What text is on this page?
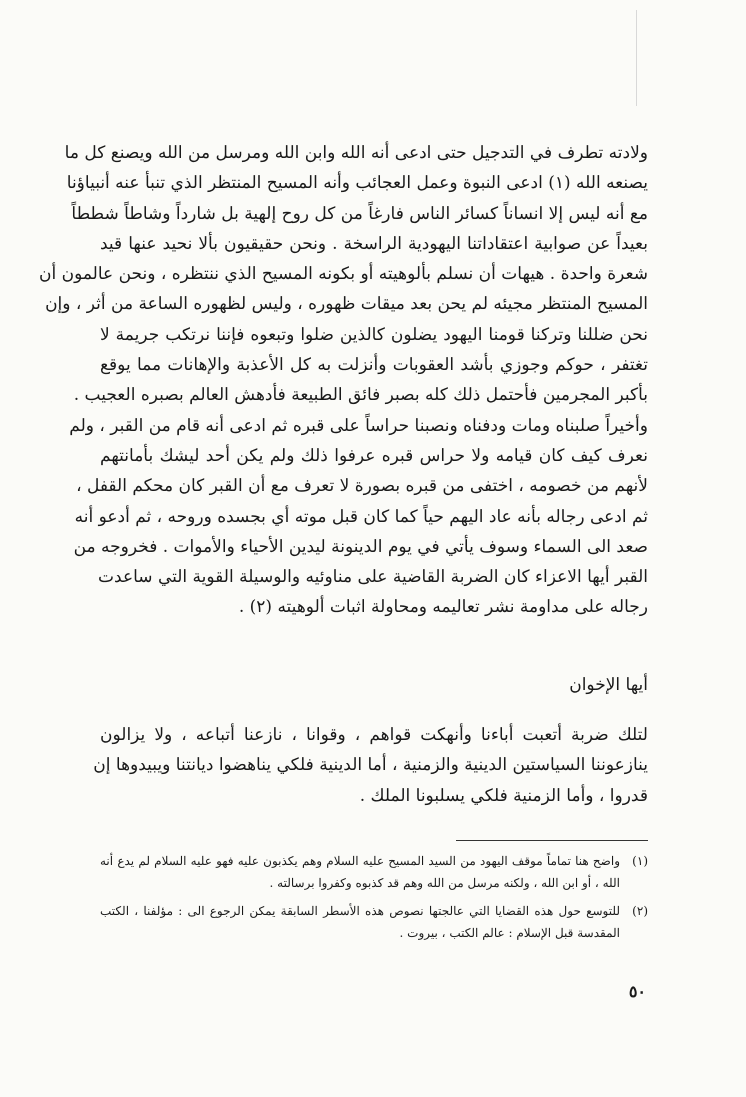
ولادته تطرف في التدجيل حتى ادعى أنه الله وابن الله ومرسل من الله ويصنع كل ما
يصنعه الله (١) ادعى النبوة وعمل العجائب وأنه المسيح المنتظر الذي تنبأ عنه أنبياؤنا
مع أنه ليس إلا انساناً كسائر الناس فارغاً من كل روح إلهية بل شارداً وشاطاً شططاً
بعيداً عن صوابية اعتقاداتنا اليهودية الراسخة . ونحن حقيقيون بألا نحيد عنها قيد
شعرة واحدة . هيهات أن نسلم بألوهيته أو بكونه المسيح الذي ننتظره ، ونحن عالمون أن
المسيح المنتظر مجيئه لم يحن بعد ميقات ظهوره ، وليس لظهوره الساعة من أثر ، وإن
نحن ضللنا وتركنا قومنا اليهود يضلون كالذين ضلوا وتبعوه فإننا نرتكب جريمة لا
تغتفر ، حوكم وجوزي بأشد العقوبات وأنزلت به كل الأعذبة والإهانات مما يوقع
بأكبر المجرمين فأحتمل ذلك كله بصبر فائق الطبيعة فأدهش العالم بصبره العجيب .
وأخيراً صلبناه ومات ودفناه ونصبنا حراساً على قبره ثم ادعى أنه قام من القبر ، ولم
نعرف كيف كان قيامه ولا حراس قبره عرفوا ذلك ولم يكن أحد ليشك بأمانتهم
لأنهم من خصومه ، اختفى من قبره بصورة لا تعرف مع أن القبر كان محكم القفل ،
ثم ادعى رجاله بأنه عاد اليهم حياً كما كان قبل موته أي بجسده وروحه ، ثم أدعو أنه
صعد الى السماء وسوف يأتي في يوم الدينونة ليدين الأحياء والأموات . فخروجه من
القبر أيها الاعزاء كان الضربة القاضية على مناوئيه والوسيلة القوية التي ساعدت
رجاله على مداومة نشر تعاليمه ومحاولة اثبات ألوهيته (٢) .
أيها الإخوان
لتلك ضربة أتعبت أباءنا وأنهكت قواهم ، وقوانا ، نازعنا أتباعه ، ولا يزالون
ينازعوننا السياستين الدينية والزمنية ، أما الدينية فلكي يناهضوا ديانتنا ويبيدوها إن
قدروا ، وأما الزمنية فلكي يسلبونا الملك .
(١)
واضح هنا تماماً موقف اليهود من السيد المسيح عليه السلام وهم يكذبون عليه فهو عليه السلام لم يدع أنه
الله ، أو ابن الله ، ولكنه مرسل من الله وهم قد كذبوه وكفروا برسالته .
(٢)
للتوسع حول هذه القضايا التي عالجتها نصوص هذه الأسطر السابقة يمكن الرجوع الى : مؤلفنا ، الكتب
المقدسة قبل الإسلام : عالم الكتب ، بيروت .
٥٠
